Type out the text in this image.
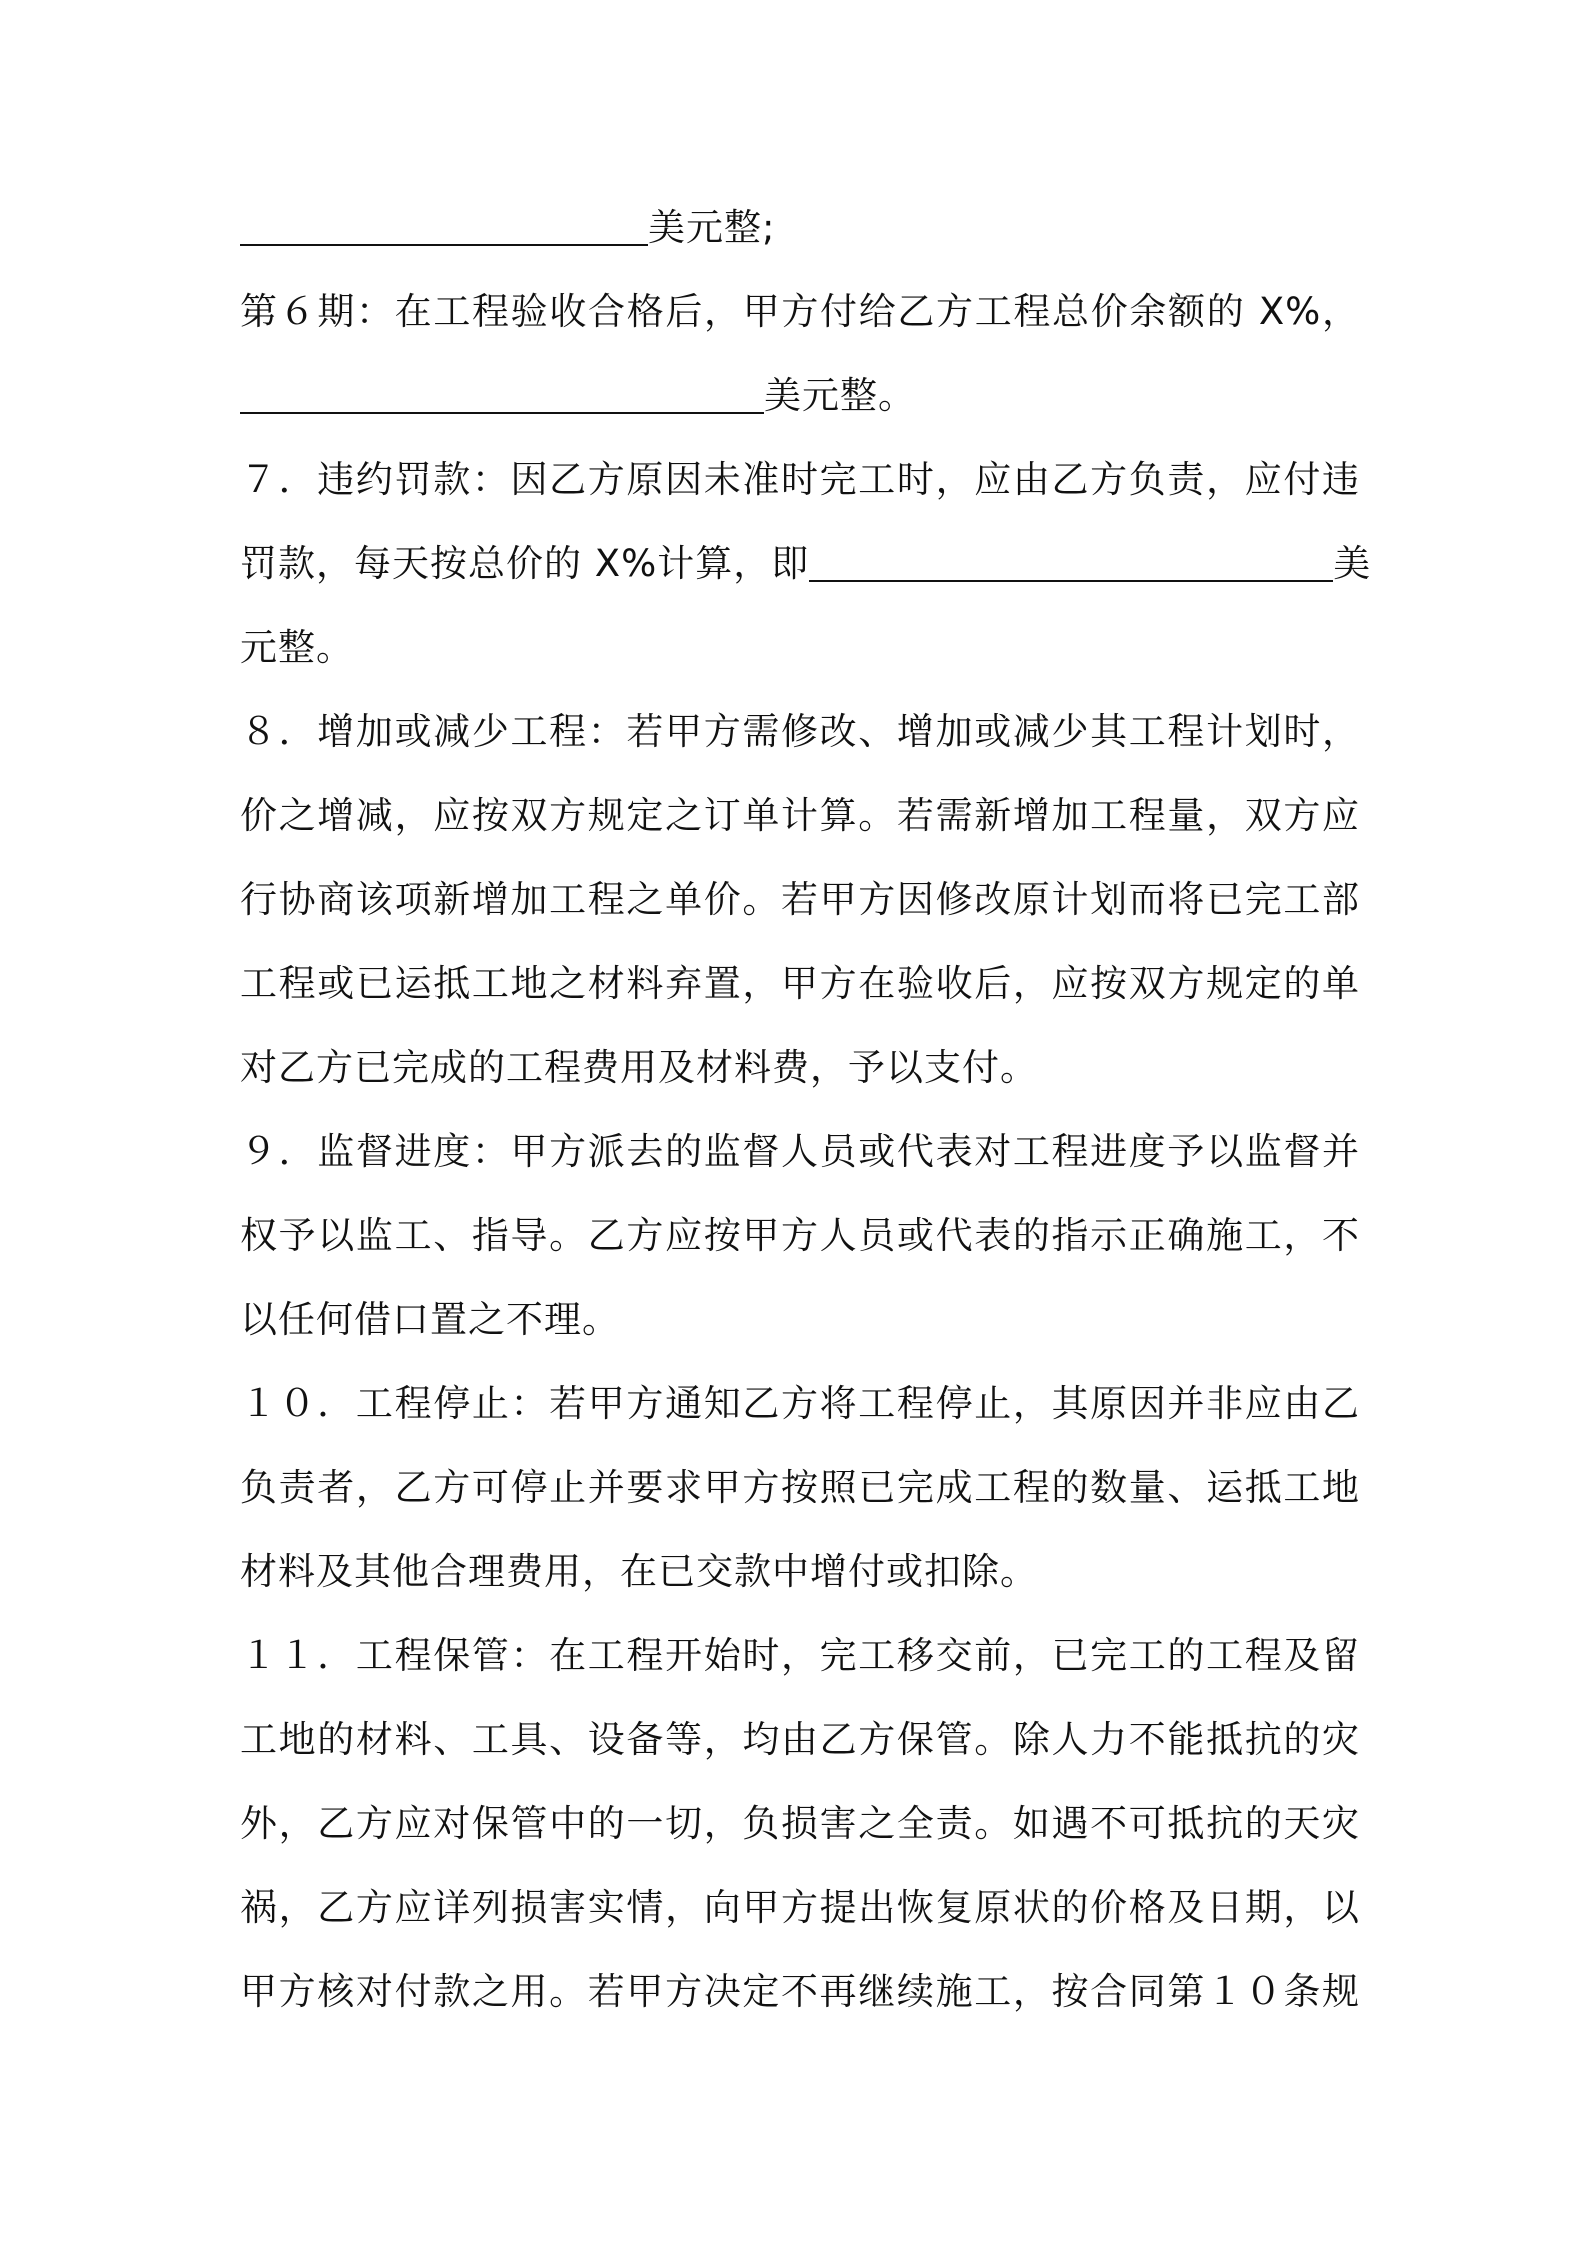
美元整;
第６期：在工程验收合格后，甲方付给乙方工程总价余额的 X%，
美元整。
７．违约罚款：因乙方原因未准时完工时，应由乙方负责，应付违
罚款，每天按总价的 X%计算，即	美
元整。
８．增加或减少工程：若甲方需修改、增加或减少其工程计划时，
价之增减，应按双方规定之订单计算。若需新增加工程量，双方应
行协商该项新增加工程之单价。若甲方因修改原计划而将已完工部
工程或已运抵工地之材料弃置，甲方在验收后，应按双方规定的单
对乙方已完成的工程费用及材料费，予以支付。
９．监督进度：甲方派去的监督人员或代表对工程进度予以监督并
权予以监工、指导。乙方应按甲方人员或代表的指示正确施工，不
以任何借口置之不理。
１０．工程停止：若甲方通知乙方将工程停止，其原因并非应由乙
负责者，乙方可停止并要求甲方按照已完成工程的数量、运抵工地
材料及其他合理费用，在已交款中增付或扣除。
１１．工程保管：在工程开始时，完工移交前，已完工的工程及留
工地的材料、工具、设备等，均由乙方保管。除人力不能抵抗的灾
外，乙方应对保管中的一切，负损害之全责。如遇不可抵抗的天灾
祸，乙方应详列损害实情，向甲方提出恢复原状的价格及日期，以
甲方核对付款之用。若甲方决定不再继续施工，按合同第１０条规
